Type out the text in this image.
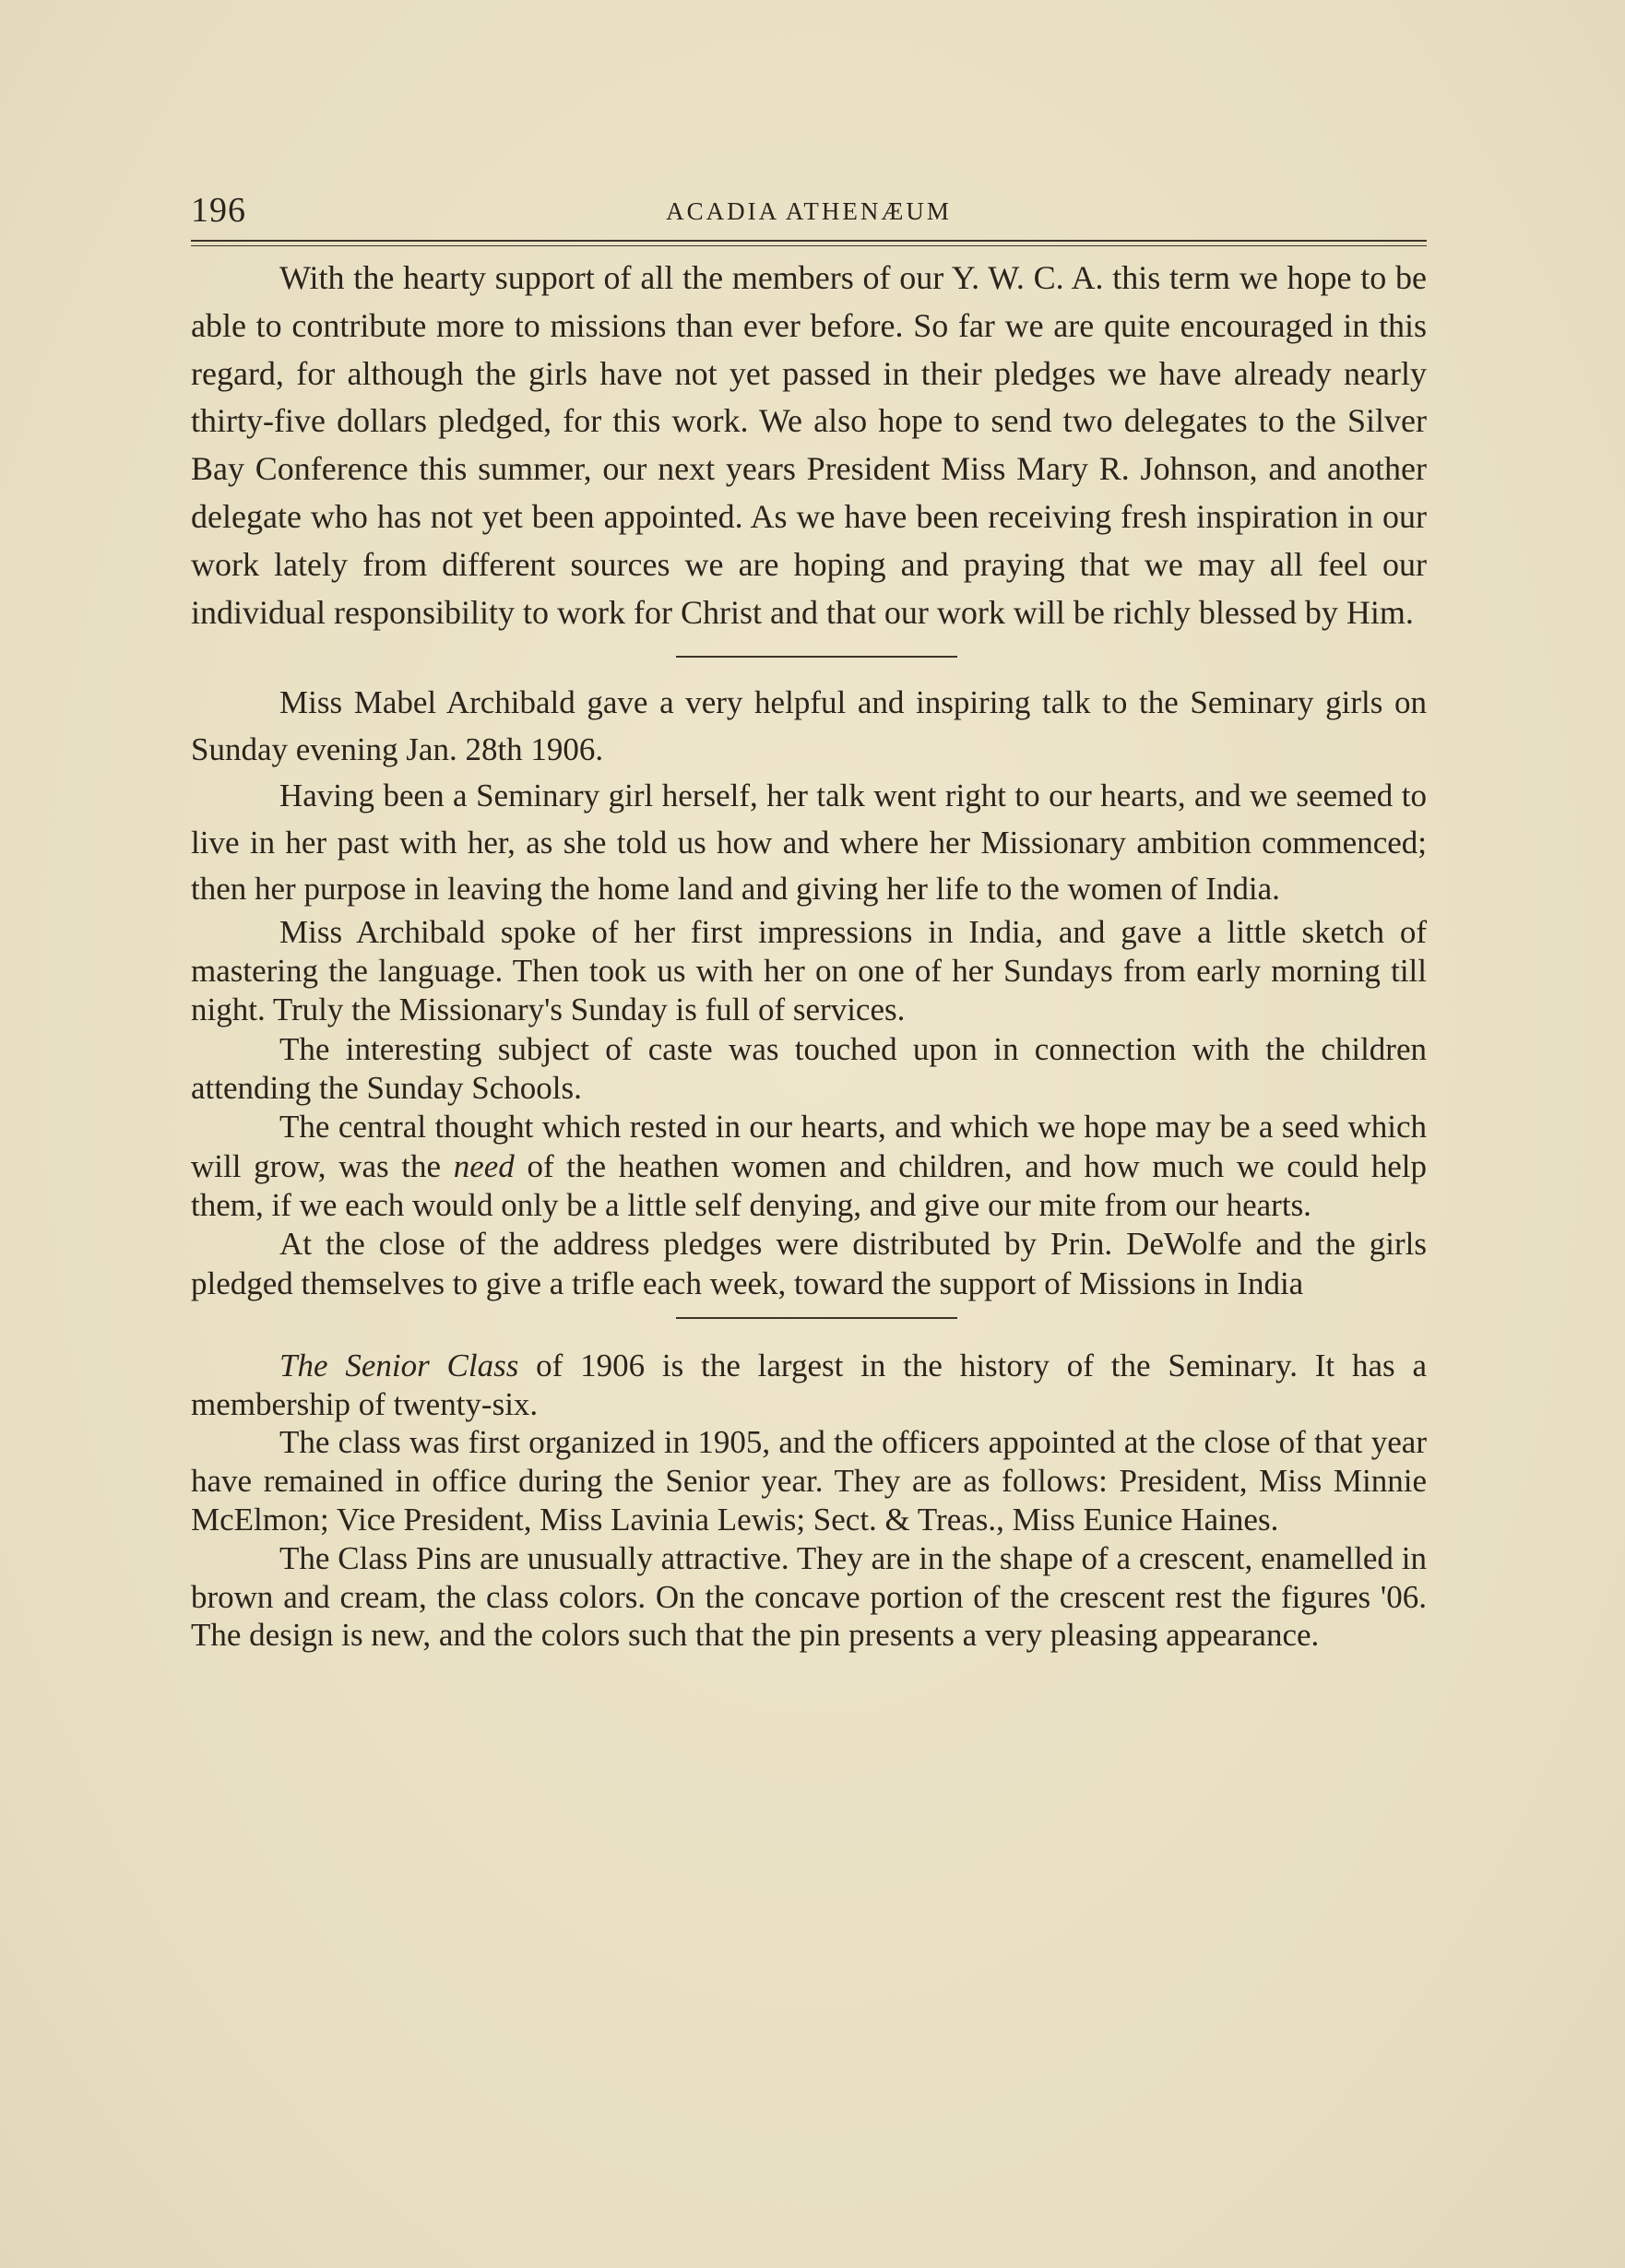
196	ACADIA ATHENÆUM

With the hearty support of all the members of our Y. W. C. A. this term we hope to be able to contribute more to missions than ever before. So far we are quite encouraged in this regard, for although the girls have not yet passed in their pledges we have already nearly thirty-five dollars pledged, for this work. We also hope to send two delegates to the Silver Bay Conference this summer, our next years President Miss Mary R. Johnson, and another delegate who has not yet been appointed. As we have been receiving fresh inspiration in our work lately from different sources we are hoping and praying that we may all feel our individual responsibility to work for Christ and that our work will be richly blessed by Him.

Miss Mabel Archibald gave a very helpful and inspiring talk to the Seminary girls on Sunday evening Jan. 28th 1906.

Having been a Seminary girl herself, her talk went right to our hearts, and we seemed to live in her past with her, as she told us how and where her Missionary ambition commenced; then her purpose in leaving the home land and giving her life to the women of India.

Miss Archibald spoke of her first impressions in India, and gave a little sketch of mastering the language. Then took us with her on one of her Sundays from early morning till night. Truly the Missionary's Sunday is full of services.

The interesting subject of caste was touched upon in connection with the children attending the Sunday Schools.

The central thought which rested in our hearts, and which we hope may be a seed which will grow, was the need of the heathen women and children, and how much we could help them, if we each would only be a little self denying, and give our mite from our hearts.

At the close of the address pledges were distributed by Prin. DeWolfe and the girls pledged themselves to give a trifle each week, toward the support of Missions in India

The Senior Class of 1906 is the largest in the history of the Seminary. It has a membership of twenty-six.

The class was first organized in 1905, and the officers appointed at the close of that year have remained in office during the Senior year. They are as follows: President, Miss Minnie McElmon; Vice President, Miss Lavinia Lewis; Sect. & Treas., Miss Eunice Haines.

The Class Pins are unusually attractive. They are in the shape of a crescent, enamelled in brown and cream, the class colors. On the concave portion of the crescent rest the figures '06. The design is new, and the colors such that the pin presents a very pleasing appearance.
